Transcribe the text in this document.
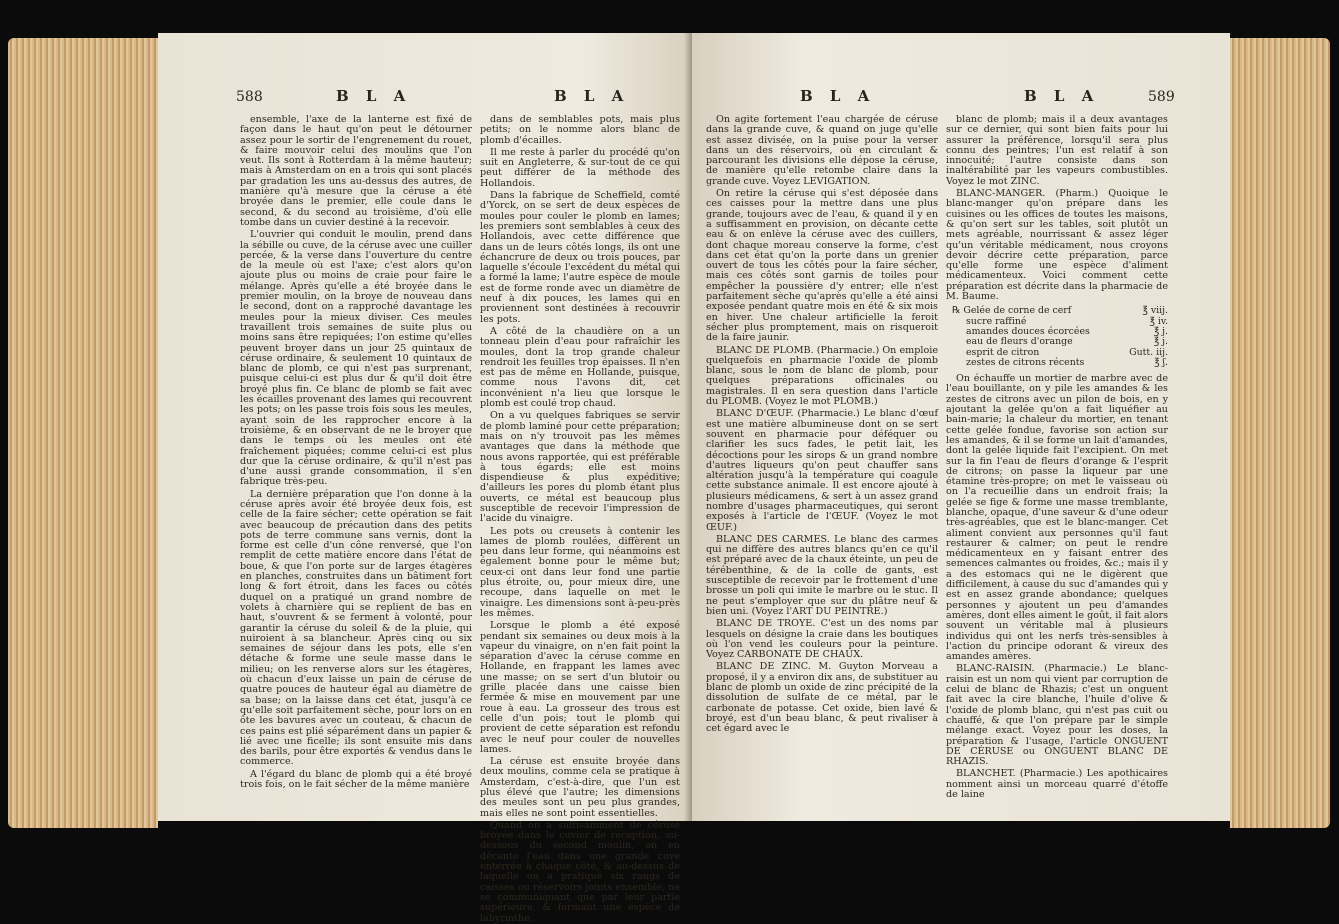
588	B L A	B L A

ensemble, l'axe de la lanterne est fixé de façon dans le haut qu'on peut le détourner assez pour le sortir de l'engrenement du rouet, & faire mouvoir celui des moulins que l'on veut. Ils sont à Rotterdam à la même hauteur; mais à Amsterdam on en a trois qui sont placés par gradation les uns au-dessus des autres, de manière qu'à mesure que la céruse a été broyée dans le premier, elle coule dans le second, & du second au troisième, d'où elle tombe dans un cuvier destiné à la recevoir.

L'ouvrier qui conduit le moulin, prend dans la sébille ou cuve, de la céruse avec une cuiller percée, & la verse dans l'ouverture du centre de la meule où est l'axe; c'est alors qu'on ajoute plus ou moins de craie pour faire le mélange. Après qu'elle a été broyée dans le premier moulin, on la broye de nouveau dans le second, dont on a rapproché davantage les meules pour la mieux diviser. Ces meules travaillent trois semaines de suite plus ou moins sans être repiquées; l'on estime qu'elles peuvent broyer dans un jour 25 quintaux de céruse ordinaire, & seulement 10 quintaux de blanc de plomb, ce qui n'est pas surprenant, puisque celui-ci est plus dur & qu'il doit être broyé plus fin. Ce blanc de plomb se fait avec les écailles provenant des lames qui recouvrent les pots; on les passe trois fois sous les meules, ayant soin de les rapprocher encore à la troisième, & en observant de ne le broyer que dans le temps où les meules ont été fraîchement piquées; comme celui-ci est plus dur que la céruse ordinaire, & qu'il n'est pas d'une aussi grande consommation, il s'en fabrique très-peu.

La dernière préparation que l'on donne à la céruse après avoir été broyée deux fois, est celle de la faire sécher; cette opération se fait avec beaucoup de précaution dans des petits pots de terre commune sans vernis, dont la forme est celle d'un cône renversé, que l'on remplit de cette matière encore dans l'état de boue, & que l'on porte sur de larges étagères en planches, construites dans un bâtiment fort long & fort étroit, dans les faces ou côtés duquel on a pratiqué un grand nombre de volets à charnière qui se replient de bas en haut, s'ouvrent & se ferment à volonté, pour garantir la céruse du soleil & de la pluie, qui nuiroient à sa blancheur. Après cinq ou six semaines de séjour dans les pots, elle s'en détache & forme une seule masse dans le milieu; on les renverse alors sur les étagères, où chacun d'eux laisse un pain de céruse de quatre pouces de hauteur égal au diamètre de sa base; on la laisse dans cet état, jusqu'à ce qu'elle soit parfaitement sèche, pour lors on en ôte les bavures avec un couteau, & chacun de ces pains est plié séparément dans un papier & lié avec une ficelle; ils sont ensuite mis dans des barils, pour être exportés & vendus dans le commerce.

A l'égard du blanc de plomb qui a été broyé trois fois, on le fait sécher de la même manière

dans de semblables pots, mais plus petits; on le nomme alors blanc de plomb d'écailles.

Il me reste à parler du procédé qu'on suit en Angleterre, & sur-tout de ce qui peut différer de la méthode des Hollandois.

Dans la fabrique de Scheffield, comté d'Yorck, on se sert de deux espèces de moules pour couler le plomb en lames; les premiers sont semblables à ceux des Hollandois, avec cette différence que dans un de leurs côtés longs, ils ont une échancrure de deux ou trois pouces, par laquelle s'écoule l'excédent du métal qui a formé la lame; l'autre espèce de moule est de forme ronde avec un diamètre de neuf à dix pouces, les lames qui en proviennent sont destinées à recouvrir les pots.

A côté de la chaudière on a un tonneau plein d'eau pour rafraîchir les moules, dont la trop grande chaleur rendroit les feuilles trop épaisses. Il n'en est pas de même en Hollande, puisque, comme nous l'avons dit, cet inconvénient n'a lieu que lorsque le plomb est coulé trop chaud.

On a vu quelques fabriques se servir de plomb laminé pour cette préparation; mais on n'y trouvoit pas les mêmes avantages que dans la méthode que nous avons rapportée, qui est préférable à tous égards; elle est moins dispendieuse & plus expéditive; d'ailleurs les pores du plomb étant plus ouverts, ce métal est beaucoup plus susceptible de recevoir l'impression de l'acide du vinaigre.

Les pots ou creusets à contenir les lames de plomb roulées, diffèrent un peu dans leur forme, qui néanmoins est également bonne pour le même but; ceux-ci ont dans leur fond une partie plus étroite, ou, pour mieux dire, une recoupe, dans laquelle on met le vinaigre. Les dimensions sont à-peu-près les mêmes.

Lorsque le plomb a été exposé pendant six semaines ou deux mois à la vapeur du vinaigre, on n'en fait point la séparation d'avec la céruse comme en Hollande, en frappant les lames avec une masse; on se sert d'un blutoir ou grille placée dans une caisse bien fermée & mise en mouvement par une roue à eau. La grosseur des trous est celle d'un pois; tout le plomb qui provient de cette séparation est refondu avec le neuf pour couler de nouvelles lames.

La céruse est ensuite broyée dans deux moulins, comme cela se pratique à Amsterdam, c'est-à-dire, que l'un est plus élevé que l'autre; les dimensions des meules sont un peu plus grandes, mais elles ne sont point essentielles.

Quand on a suffisamment de céruse broyée dans le cuvier de réception, au-dessous du second moulin, on en décante l'eau dans une grande cuve enterrée à chaque côté, & au-dessus de laquelle on a pratiqué six rangs de caisses ou réservoirs joints ensemble, ne se communiquant que par leur partie supérieure, & formant une espèce de labyrinthe.

B L A	B L A	589

On agite fortement l'eau chargée de céruse dans la grande cuve, & quand on juge qu'elle est assez divisée, on la puise pour la verser dans un des réservoirs, où en circulant & parcourant les divisions elle dépose la céruse, de manière qu'elle retombe claire dans la grande cuve. Voyez LEVIGATION.

On retire la céruse qui s'est déposée dans ces caisses pour la mettre dans une plus grande, toujours avec de l'eau, & quand il y en a suffisamment en provision, on décante cette eau & on enlève la céruse avec des cuillers, dont chaque moreau conserve la forme, c'est dans cet état qu'on la porte dans un grenier ouvert de tous les côtés pour la faire sécher, mais ces côtés sont garnis de toiles pour empêcher la poussière d'y entrer; elle n'est parfaitement sèche qu'après qu'elle a été ainsi exposée pendant quatre mois en été & six mois en hiver. Une chaleur artificielle la feroit sécher plus promptement, mais on risqueroit de la faire jaunir.

BLANC DE PLOMB. (Pharmacie.) On emploie quelquefois en pharmacie l'oxide de plomb blanc, sous le nom de blanc de plomb, pour quelques préparations officinales ou magistrales. Il en sera question dans l'article du PLOMB. (Voyez le mot PLOMB.)

BLANC D'ŒUF. (Pharmacie.) Le blanc d'œuf est une matière albumineuse dont on se sert souvent en pharmacie pour déféquer ou clarifier les sucs fades, le petit lait, les décoctions pour les sirops & un grand nombre d'autres liqueurs qu'on peut chauffer sans altération jusqu'à la température qui coagule cette substance animale. Il est encore ajouté à plusieurs médicamens, & sert à un assez grand nombre d'usages pharmaceutiques, qui seront exposés à l'article de l'ŒUF. (Voyez le mot ŒUF.)

BLANC DES CARMES. Le blanc des carmes qui ne diffère des autres blancs qu'en ce qu'il est préparé avec de la chaux éteinte, un peu de térébenthine, & de la colle de gants, est susceptible de recevoir par le frottement d'une brosse un poli qui imite le marbre ou le stuc. Il ne peut s'employer que sur du plâtre neuf & bien uni. (Voyez l'ART DU PEINTRE.)

BLANC DE TROYE. C'est un des noms par lesquels on désigne la craie dans les boutiques où l'on vend les couleurs pour la peinture. Voyez CARBONATE DE CHAUX.

BLANC DE ZINC. M. Guyton Morveau a proposé, il y a environ dix ans, de substituer au blanc de plomb un oxide de zinc précipité de la dissolution de sulfate de ce métal, par le carbonate de potasse. Cet oxide, bien lavé & broyé, est d'un beau blanc, & peut rivaliser à cet égard avec le

blanc de plomb; mais il a deux avantages sur ce dernier, qui sont bien faits pour lui assurer la préférence, lorsqu'il sera plus connu des peintres; l'un est relatif à son innocuité; l'autre consiste dans son inaltérabilité par les vapeurs combustibles. Voyez le mot ZINC.

BLANC-MANGER. (Pharm.) Quoique le blanc-manger qu'on prépare dans les cuisines ou les offices de toutes les maisons, & qu'on sert sur les tables, soit plutôt un mets agréable, nourrissant & assez léger qu'un véritable médicament, nous croyons devoir décrire cette préparation, parce qu'elle forme une espèce d'aliment médicamenteux. Voici comment cette préparation est décrite dans la pharmacie de M. Baume.

℞ Gelée de corne de cerf	℥ viij.
sucre raffiné	℥ iv.
amandes douces écorcées	℥ j.
eau de fleurs d'orange	℥ j.
esprit de citron	Gutt. iij.
zestes de citrons récents	℥ ʃ.

On échauffe un mortier de marbre avec de l'eau bouillante, on y pile les amandes & les zestes de citrons avec un pilon de bois, en y ajoutant la gelée qu'on a fait liquéfier au bain-marie; la chaleur du mortier, en tenant cette gelée fondue, favorise son action sur les amandes, & il se forme un lait d'amandes, dont la gelée liquide fait l'excipient. On met sur la fin l'eau de fleurs d'orange & l'esprit de citrons; on passe la liqueur par une étamine très-propre; on met le vaisseau où on l'a recueillie dans un endroit frais; la gelée se fige & forme une masse tremblante, blanche, opaque, d'une saveur & d'une odeur très-agréables, que est le blanc-manger. Cet aliment convient aux personnes qu'il faut restaurer & calmer; on peut le rendre médicamenteux en y faisant entrer des semences calmantes ou froides, &c.; mais il y a des estomacs qui ne le digèrent que difficilement, à cause du suc d'amandes qui y est en assez grande abondance; quelques personnes y ajoutent un peu d'amandes amères, dont elles aiment le goût, il fait alors souvent un véritable mal à plusieurs individus qui ont les nerfs très-sensibles à l'action du principe odorant & vireux des amandes amères.

BLANC-RAISIN. (Pharmacie.) Le blanc-raisin est un nom qui vient par corruption de celui de blanc de Rhazis; c'est un onguent fait avec la cire blanche, l'huile d'olive & l'oxide de plomb blanc, qui n'est pas cuit ou chauffé, & que l'on prépare par le simple mélange exact. Voyez pour les doses, la préparation & l'usage, l'article ONGUENT DE CÉRUSE ou ONGUENT BLANC DE RHAZIS.

BLANCHET. (Pharmacie.) Les apothicaires nomment ainsi un morceau quarré d'étoffe de laine
